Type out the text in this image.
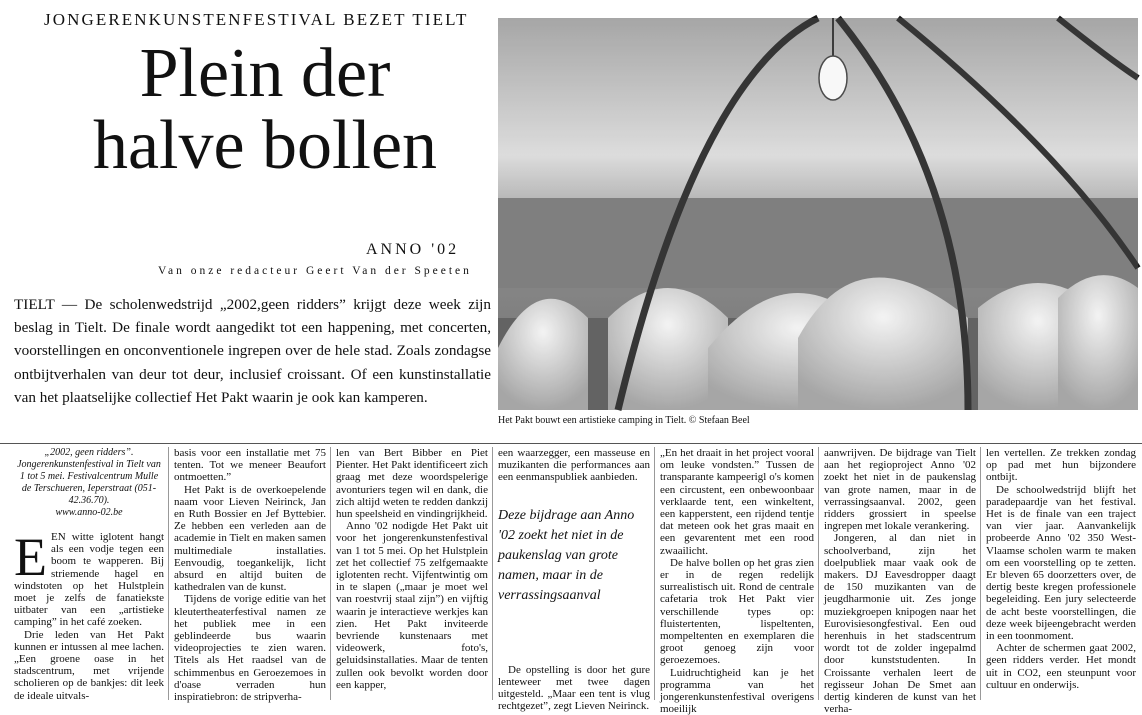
JONGERENKUNSTENFESTIVAL BEZET TIELT
Plein der
halve bollen
ANNO '02
Van onze redacteur Geert Van der Speeten

TIELT — De scholenwedstrijd „2002,geen ridders” krijgt deze week zijn beslag in Tielt. De finale wordt aangedikt tot een happening, met concerten, voorstellingen en onconventionele ingrepen over de hele stad. Zoals zondagse ontbijtverhalen van deur tot deur, inclusief croissant. Of een kunstinstallatie van het plaatselijke collectief Het Pakt waarin je ook kan kamperen.

Het Pakt bouwt een artistieke camping in Tielt. © Stefaan Beel
„2002, geen ridders”. Jongerenkunstenfestival in Tielt van 1 tot 5 mei. Festivalcentrum Mulle de Terschueren, Ieperstraat (051-42.36.70).
www.anno-02.be

EEN witte iglotent hangt als een vodje tegen een boom te wapperen. Bij striemende hagel en windstoten op het Hulstplein moet je zelfs de fanatiekste uitbater van een „artistieke camping” in het café zoeken.

Drie leden van Het Pakt kunnen er intussen al mee lachen. „Een groene oase in het stadscentrum, met vrijende scholieren op de bankjes: dit leek de ideale uitvals-

basis voor een installatie met 75 tenten. Tot we meneer Beaufort ontmoetten.”

Het Pakt is de overkoepelende naam voor Lieven Neirinck, Jan en Ruth Bossier en Jef Byttebier. Ze hebben een verleden aan de academie in Tielt en maken samen multimediale installaties. Eenvoudig, toegankelijk, licht absurd en altijd buiten de kathedralen van de kunst.

Tijdens de vorige editie van het kleutertheaterfestival namen ze het publiek mee in een geblindeerde bus waarin videoprojecties te zien waren. Titels als Het raadsel van de schimmenbus en Geroezemoes in d'oase verraden hun inspiratiebron: de stripverha-

len van Bert Bibber en Piet Pienter. Het Pakt identificeert zich graag met deze woordspelerige avonturiers tegen wil en dank, die zich altijd weten te redden dankzij hun speelsheid en vindingrijkheid.

Anno '02 nodigde Het Pakt uit voor het jongerenkunstenfestival van 1 tot 5 mei. Op het Hulstplein zet het collectief 75 zelfgemaakte iglotenten recht. Vijfentwintig om in te slapen („maar je moet wel van roestvrij staal zijn”) en vijftig waarin je interactieve werkjes kan zien. Het Pakt inviteerde bevriende kunstenaars met videowerk, foto's, geluidsinstallaties. Maar de tenten zullen ook bevolkt worden door een kapper,

een waarzegger, een masseuse en muzikanten die performances aan een eenmanspubliek aanbieden.

Deze bijdrage aan Anno '02 zoekt het niet in de paukenslag van grote namen, maar in de verrassingsaanval

De opstelling is door het gure lenteweer met twee dagen uitgesteld. „Maar een tent is vlug rechtgezet”, zegt Lieven Neirinck.

„En het draait in het project vooral om leuke vondsten.” Tussen de transparante kampeerigl o's komen een circustent, een onbewoonbaar verklaarde tent, een winkeltent, een kapperstent, een rijdend tentje dat meteen ook het gras maait en een gevarentent met een rood zwaailicht.

De halve bollen op het gras zien er in de regen redelijk surrealistisch uit. Rond de centrale cafetaria trok Het Pakt vier verschillende types op: fluistertenten, lispeltenten, mompeltenten en exemplaren die groot genoeg zijn voor geroezemoes.

Luidruchtigheid kan je het programma van het jongerenkunstenfestival overigens moeilijk

aanwrijven. De bijdrage van Tielt aan het regioproject Anno '02 zoekt het niet in de paukenslag van grote namen, maar in de verrassingsaanval. 2002, geen ridders grossiert in speelse ingrepen met lokale verankering.

Jongeren, al dan niet in schoolverband, zijn het doelpubliek maar vaak ook de makers. DJ Eavesdropper daagt de 150 muzikanten van de jeugdharmonie uit. Zes jonge muziekgroepen knipogen naar het Eurovisiesongfestival. Een oud herenhuis in het stadscentrum wordt tot de zolder ingepalmd door kunststudenten. In Croissante verhalen leert de regisseur Johan De Smet aan dertig kinderen de kunst van het verha-

len vertellen. Ze trekken zondag op pad met hun bijzondere ontbijt.

De schoolwedstrijd blijft het paradepaardje van het festival. Het is de finale van een traject van vier jaar. Aanvankelijk probeerde Anno '02 350 West-Vlaamse scholen warm te maken om een voorstelling op te zetten. Er bleven 65 doorzetters over, de dertig beste kregen professionele begeleiding. Een jury selecteerde de acht beste voorstellingen, die deze week bijeengebracht werden in een toonmoment.

Achter de schermen gaat 2002, geen ridders verder. Het mondt uit in CO2, een steunpunt voor cultuur en onderwijs.
